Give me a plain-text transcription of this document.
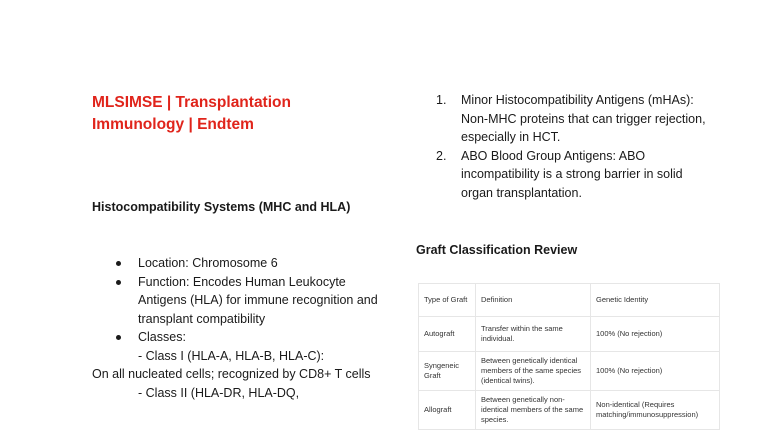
MLSIMSE | Transplantation Immunology | Endtem
Histocompatibility Systems (MHC and HLA)
Location: Chromosome 6
Function: Encodes Human Leukocyte Antigens (HLA) for immune recognition and transplant compatibility
Classes:
- Class I (HLA-A, HLA-B, HLA-C):
On all nucleated cells; recognized by CD8+ T cells
- Class II (HLA-DR, HLA-DQ,
1. Minor Histocompatibility Antigens (mHAs): Non-MHC proteins that can trigger rejection, especially in HCT.
2. ABO Blood Group Antigens: ABO incompatibility is a strong barrier in solid organ transplantation.
Graft Classification Review
Type of Graft	Definition	Genetic Identity
Autograft	Transfer within the same individual.	100% (No rejection)
Syngeneic Graft	Between genetically identical members of the same species (identical twins).	100% (No rejection)
Allograft	Between genetically non-identical members of the same species.	Non-identical (Requires matching/immunosuppression)
